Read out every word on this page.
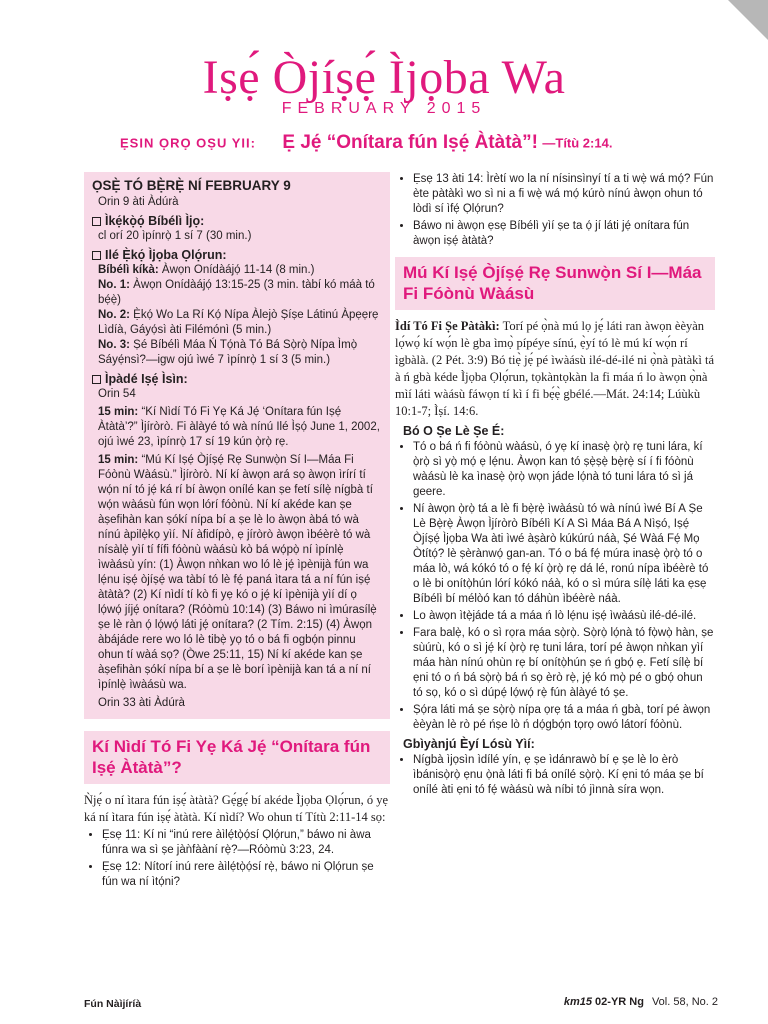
Iṣẹ́ Òjíṣẹ́ Ìjọba Wa
FEBRUARY 2015
ẸSIN ỌRỌ OṢU YII: Ẹ Jẹ́ “Onítara fún Iṣẹ́ Àtàtà”! —Títù 2:14.
ỌSẸ̀ TÓ BẸ̀RẸ̀ NÍ FEBRUARY 9
Orin 9 àti Àdúrà
Ìkẹ́kọ̀ọ́ Bíbélì Ìjọ:
cl orí 20 ìpínrọ̀ 1 sí 7 (30 min.)
Ilé Ẹ̀kọ́ Ìjọba Ọlọ́run:
Bíbélì kíkà: Àwọn Onídàájọ́ 11-14 (8 min.)
No. 1: Àwọn Onídàájọ́ 13:15-25 (3 min. tàbí kó máà tó bẹ́ẹ̀)
No. 2: Ẹ̀kọ́ Wo La Rí Kọ́ Nípa Àlejò Ṣíṣe Látinú Àpẹẹrẹ Lìdíà, Gáyọ́sì àti Filémónì (5 min.)
No. 3: Ṣé Bíbélì Máa Ń Tọ́nà Tó Bá Sọ̀rọ̀ Nípa Ìmọ̀ Sáyẹ́nsì?—igw ojú ìwé 7 ìpínrọ̀ 1 sí 3 (5 min.)
Ìpàdé Iṣẹ́ Ìsìn:
Orin 54
15 min: “Kí Nìdí Tó Fi Yẹ Ká Jẹ́ ‘Onítara fún Iṣẹ́ Àtàtà’?” Ìjíròrò. Fi àlàyé tó wà nínú Ilé Ìṣọ́ June 1, 2002, ojú ìwé 23, ìpínrọ̀ 17 sí 19 kún ọ̀rọ̀ rẹ.
15 min: “Mú Kí Iṣẹ́ Òjíṣẹ́ Rẹ Sunwọ̀n Sí I—Máa Fi Fóònù Wàásù.” Ìjíròrò. Ní kí àwọn ará sọ àwọn ìrírí tí wọ́n ní tó jẹ́ ká rí bí àwọn onílé kan ṣe fetí sílẹ̀ nígbà tí wọ́n wàásù fún wọn lórí fóònù. Ní kí akéde kan ṣe àṣefihàn kan ṣókí nípa bí a ṣe lè lo àwọn àbá tó wà nínú àpilẹ̀kọ yìí. Ní àfidípò, ẹ jíròrò àwọn ìbéèrè tó wà nísàlẹ̀ yìí tí fífi fóònù wàásù kò bá wọ́pọ̀ ní ìpínlẹ̀ ìwàásù yín: (1) Àwọn nǹkan wo ló lè jẹ́ ìpènijà fún wa lẹ́nu iṣẹ́ òjíṣẹ́ wa tàbí tó lè fẹ́ paná ìtara tá a ní fún iṣẹ́ àtàtà? (2) Kí nìdí tí kò fi yẹ kó o jẹ́ kí ìpènijà yìí dí ọ lọ́wọ́ jíjẹ́ onítara? (Róòmù 10:14) (3) Báwo ni ìmúrasílẹ̀ ṣe lè ràn ọ́ lọ́wọ́ láti jẹ́ onítara? (2 Tím. 2:15) (4) Àwọn àbájáde rere wo ló lè tibẹ̀ yọ tó o bá fi ogbọ́n pinnu ohun tí wàá sọ? (Òwe 25:11, 15) Ní kí akéde kan ṣe àṣefihàn ṣókí nípa bí a ṣe lè borí ìpènijà kan tá a ní ní ìpínlẹ̀ ìwàásù wa.
Orin 33 àti Àdúrà
Kí Nìdí Tó Fi Yẹ Ká Jẹ́ “Onítara fún Iṣẹ́ Àtàtà”?
Ǹjẹ́ o ní ìtara fún iṣẹ́ àtàtà? Gẹ́gẹ́ bí akéde Ìjọba Ọlọ́run, ó yẹ ká ní ìtara fún iṣẹ́ àtàtà. Kí nìdí? Wo ohun tí Títù 2:11-14 sọ:
• Ẹsẹ 11: Kí ni “inú rere àìlẹ́tọ̀ọ́sí Ọlọ́run,” báwo ni àwa fúnra wa sì ṣe jàǹfààní rẹ̀?—Róòmù 3:23, 24.
• Ẹsẹ 12: Nítorí inú rere àìlẹ́tọ̀ọ́sí rẹ̀, báwo ni Ọlọ́run ṣe fún wa ní ìtọ́ni?
• Ẹsẹ 13 àti 14: Ìrètí wo la ní nísinsìnyí tí a ti wẹ̀ wá mọ́? Fún ète pàtàkì wo sì ni a fi wẹ̀ wá mọ́ kúrò nínú àwọn ohun tó lòdì sí ìfẹ́ Ọlọ́run?
• Báwo ni àwọn ẹsẹ Bíbélì yìí ṣe ta ọ́ jí láti jẹ́ onítara fún àwọn iṣẹ́ àtàtà?
Mú Kí Iṣẹ́ Òjíṣẹ́ Rẹ Sunwọ̀n Sí I—Máa Fi Fóònù Wàásù
Ìdí Tó Fi Ṣe Pàtàkì: Torí pé ọ̀nà mú lọ jẹ́ láti ran àwọn èèyàn lọ́wọ́ kí wọ́n lè gba ìmọ̀ pípéye sínú, ẹ̀yí tó lè mú kí wọ́n rí ìgbàlà. (2 Pét. 3:9) Bó tiẹ̀ jẹ́ pé ìwàásù ilé-dé-ilé ni ọ̀nà pàtàkì tá à ń gbà kéde Ìjọba Ọlọ́run, tọkàntọkàn la fi máa ń lo àwọn ọ̀nà mìí láti wàásù fáwọn tí kì í fi bẹ́ẹ̀ gbélé.—Mát. 24:14; Lúùkù 10:1-7; Ìṣí. 14:6.
Bó O Ṣe Lè Ṣe É:
• Tó o bá ń fi fóònù wàásù, ó yẹ kí inasẹ̀ ọ̀rọ̀ rẹ tuni lára, kí ọ̀rọ̀ sì yọ̀ mọ́ ẹ lẹ́nu. Àwọn kan tó ṣẹ̀ṣẹ̀ bẹ̀rẹ̀ sí í fi fóònù wàásù lè ka ìnasẹ̀ ọ̀rọ̀ wọn jáde lọ́nà tó tuni lára tó sì já geere.
• Ní àwọn ọ̀rọ̀ tá a lè fi bẹ̀rẹ̀ ìwàásù tó wà nínú ìwé Bí A Ṣe Lè Bẹ̀rẹ̀ Àwọn Ìjíròrò Bíbélì Kí A Sì Máa Bá A Nìṣó, Iṣẹ́ Òjíṣẹ́ Ìjọba Wa àti ìwé àṣàrò kúkúrú náà, Ṣé Wàá Fẹ́ Mọ Òtítọ́? lè ṣèrànwọ́ gan-an. Tó o bá fẹ́ múra inasẹ̀ ọ̀rọ̀ tó o máa lò, wá kókó tó o fẹ́ kí ọ̀rọ̀ rẹ dá lé, ronú nípa ìbéèrè tó o lè bi onítọ̀hún lórí kókó náà, kó o sì múra sílẹ̀ láti ka ẹsẹ Bíbélì bí mélòó kan tó dáhùn ìbéèrè náà.
• Lo àwọn ìtẹ̀jáde tá a máa ń lò lẹ́nu iṣẹ́ ìwàásù ilé-dé-ilé.
• Fara balẹ̀, kó o sì rọra máa sọ̀rọ̀. Sọ̀rọ̀ lọ́nà tó fọ̀wọ̀ hàn, ṣe sùúrù, kó o sì jẹ́ kí ọ̀rọ̀ rẹ tuni lára, torí pé àwọn nǹkan yìí máa hàn nínú ohùn rẹ bí onítọ̀hún ṣe ń gbọ́ ẹ. Fetí sílẹ̀ bí ẹni tó o ń bá sọ̀rọ̀ bá ń sọ èrò rẹ̀, jẹ́ kó mọ̀ pé o gbọ́ ohun tó sọ, kó o sì dúpẹ́ lọ́wọ́ rẹ̀ fún àlàyé tó ṣe.
• Ṣọ́ra láti má ṣe sọ̀rọ̀ nípa ọrẹ tá a máa ń gbà, torí pé àwọn èèyàn lè rò pé ńṣe lò ń dọ́gbọ́n tọrọ owó látorí fóònù.
Gbìyànjú Èyí Lósù Yìí:
• Nígbà ìjọsìn ìdílé yín, ẹ ṣe ìdánrawò bí ẹ ṣe lè lo èrò ìbánisọ̀rọ̀ ẹnu ọ̀nà láti fi bá onílé sọ̀rọ̀. Kí ẹni tó máa ṣe bí onílé àti ẹni tó fẹ́ wàásù wà níbi tó jìnnà síra wọn.
Fún Nàìjíríà	km15 02-YR Ng Vol. 58, No. 2
